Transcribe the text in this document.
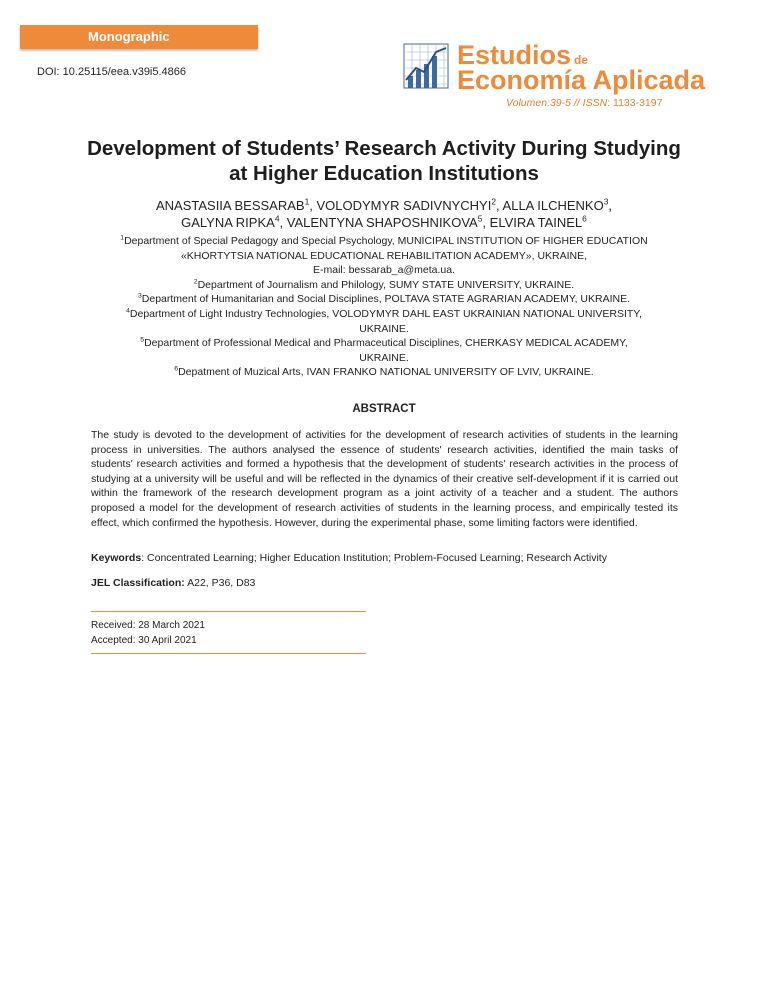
Monographic
DOI: 10.25115/eea.v39i5.4866
Estudios de
Economía Aplicada
Volumen:39-5 // ISSN: 1133-3197
Development of Students’ Research Activity During Studying
at Higher Education Institutions
ANASTASIIA BESSARAB$^1$, VOLODYMYR SADIVNYCHYI$^2$, ALLA ILCHENKO$^3$,
GALYNA RIPKA$^4$, VALENTYNA SHAPOSHNIKOVA$^5$, ELVIRA TAINEL$^6$
$^1$Department of Special Pedagogy and Special Psychology, MUNICIPAL INSTITUTION OF HIGHER EDUCATION
«KHORTYTSIA NATIONAL EDUCATIONAL REHABILITATION ACADEMY», UKRAINE,
E-mail: bessarab_a@meta.ua.
$^2$Department of Journalism and Philology, SUMY STATE UNIVERSITY, UKRAINE.
$^3$Department of Humanitarian and Social Disciplines, POLTAVA STATE AGRARIAN ACADEMY, UKRAINE.
$^4$Department of Light Industry Technologies, VOLODYMYR DAHL EAST UKRAINIAN NATIONAL UNIVERSITY,
UKRAINE.
$^5$Department of Professional Medical and Pharmaceutical Disciplines, CHERKASY MEDICAL ACADEMY,
UKRAINE.
$^6$Depatment of Muzical Arts, IVAN FRANKO NATIONAL UNIVERSITY OF LVIV, UKRAINE.
ABSTRACT
The study is devoted to the development of activities for the development of research activities of students in the learning process in universities. The authors analysed the essence of students' research activities, identified the main tasks of students' research activities and formed a hypothesis that the development of students' research activities in the process of studying at a university will be useful and will be reflected in the dynamics of their creative self-development if it is carried out within the framework of the research development program as a joint activity of a teacher and a student. The authors proposed a model for the development of research activities of students in the learning process, and empirically tested its effect, which confirmed the hypothesis. However, during the experimental phase, some limiting factors were identified.
Keywords: Concentrated Learning; Higher Education Institution; Problem-Focused Learning; Research Activity
JEL Classification: A22, P36, D83
Received: 28 March 2021
Accepted: 30 April 2021
